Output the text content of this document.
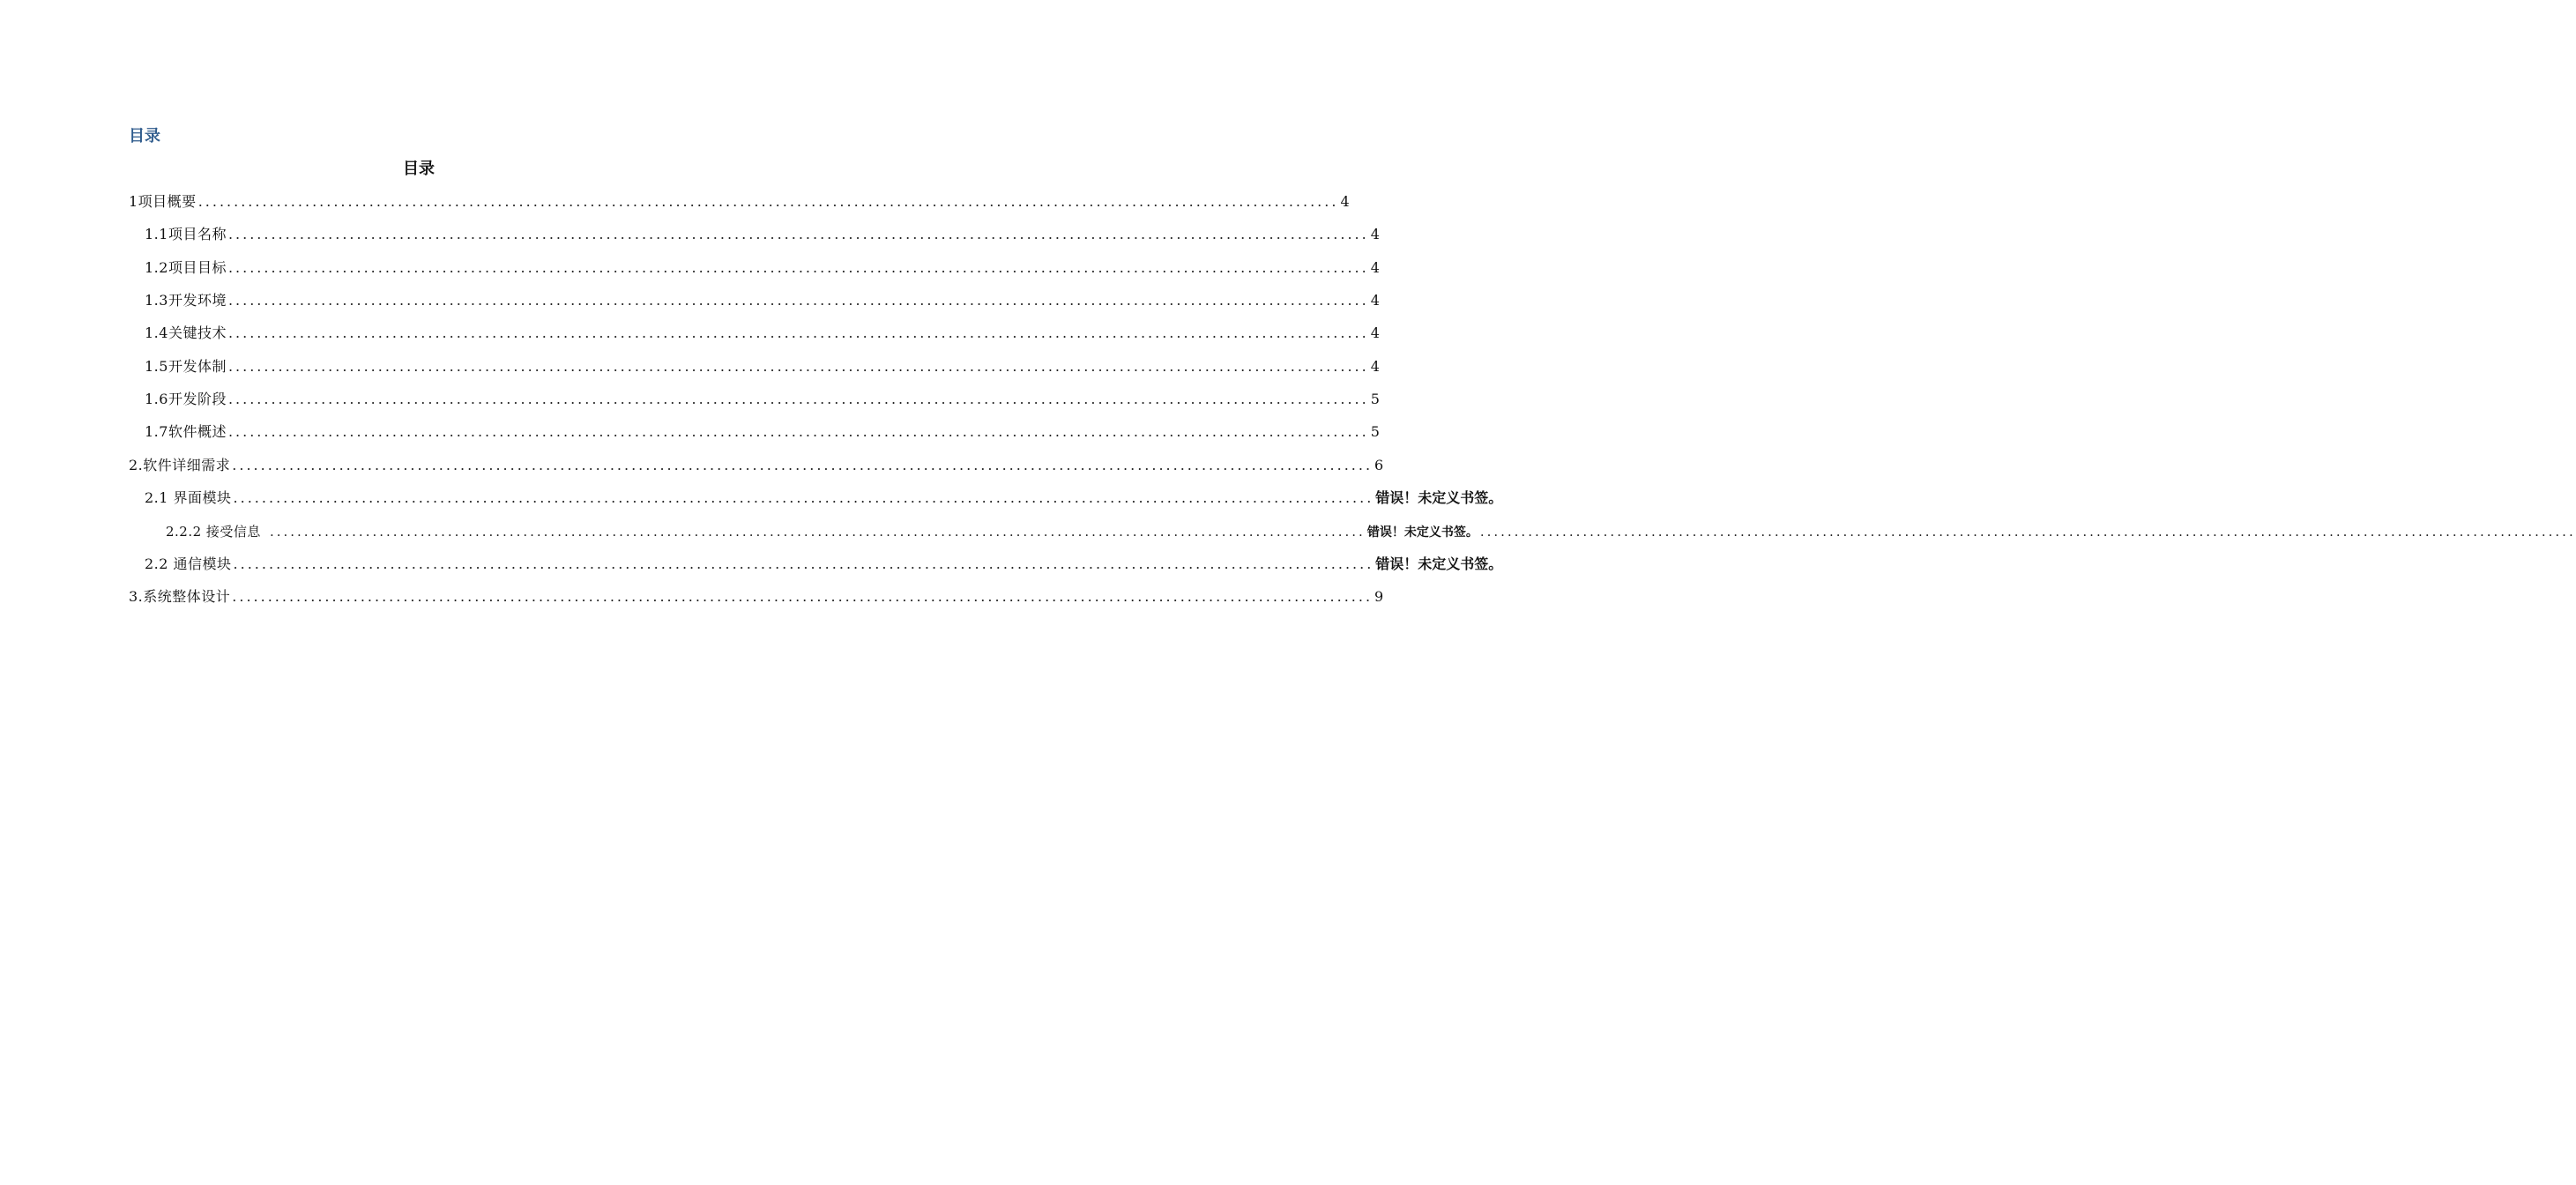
目录
目录
1项目概要 ................................................................................................................................................................ 4
1.1项目名称 ................................................................................................................................................................ 4
1.2项目目标 ................................................................................................................................................................ 4
1.3开发环境 ................................................................................................................................................................ 4
1.4关键技术 ................................................................................................................................................................ 4
1.5开发体制 ................................................................................................................................................................ 4
1.6开发阶段 ................................................................................................................................................................ 5
1.7软件概述 ................................................................................................................................................................ 5
2.软件详细需求 ................................................................................................................................................................ 6
2.1 界面模块 ................................................................................................................................................................ 错误！未定义书签。
2.2.2 接受信息 ................................................................................................................................................................ 错误！未定义书签。 ................................................................................................................................................................
2.2 通信模块 ................................................................................................................................................................ 错误！未定义书签。
3.系统整体设计 ................................................................................................................................................................ 9
